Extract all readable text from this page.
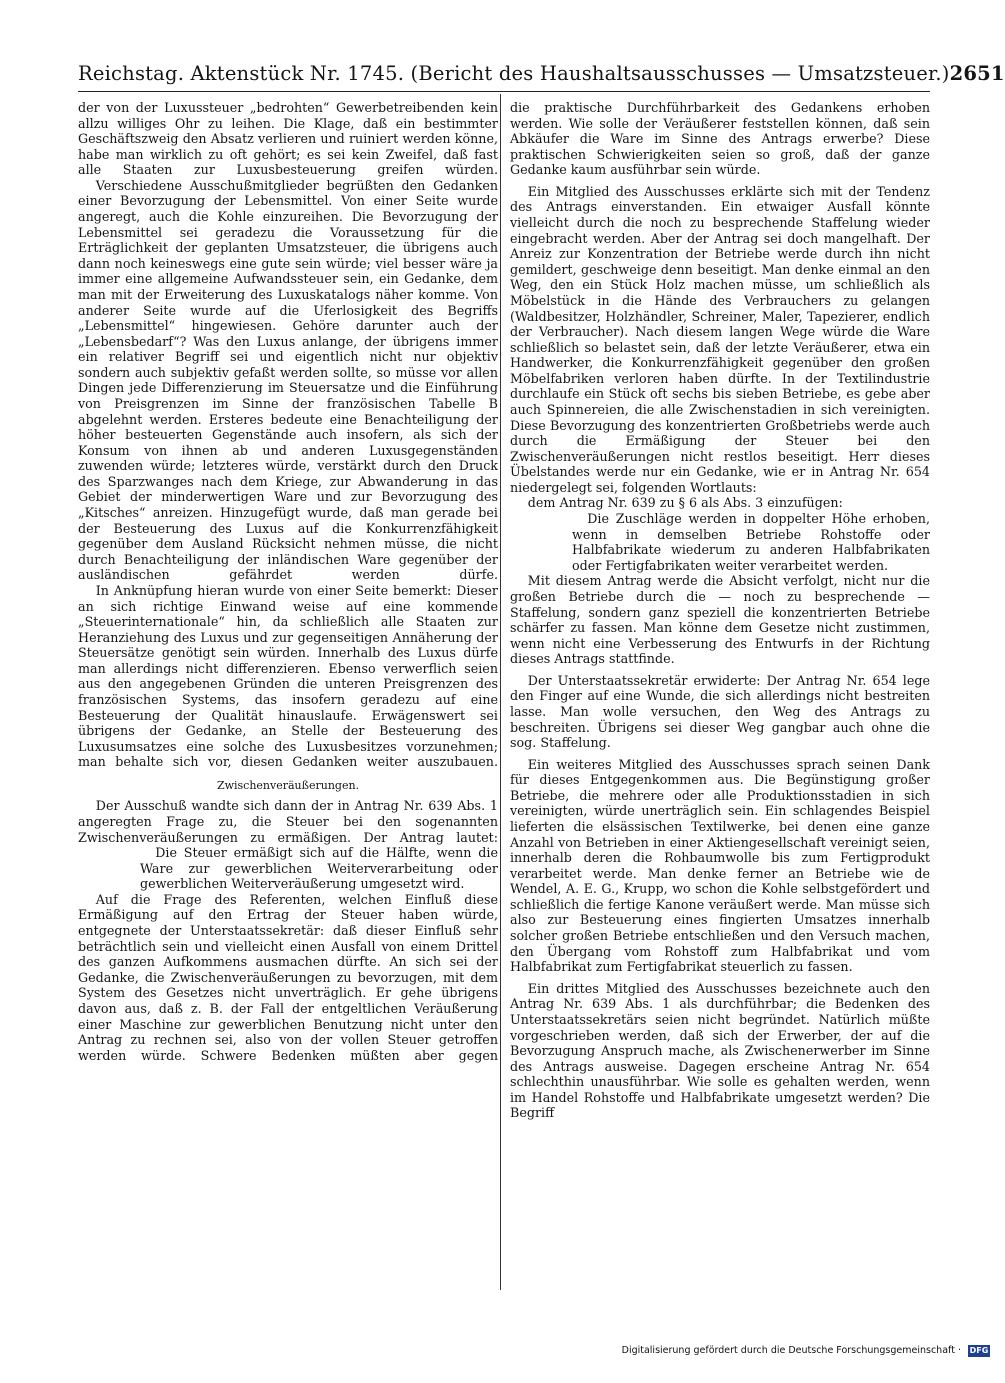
Reichstag. Aktenstück Nr. 1745. (Bericht des Haushaltsausschusses — Umsatzsteuer.) 2651

der von der Luxussteuer „bedrohten“ Gewerbetreibenden kein allzu williges Ohr zu leihen. Die Klage, daß ein bestimmter Geschäftszweig den Absatz verlieren und ruiniert werden könne, habe man wirklich zu oft gehört; es sei kein Zweifel, daß fast alle Staaten zur Luxusbesteuerung greifen würden.

Verschiedene Ausschußmitglieder begrüßten den Gedanken einer Bevorzugung der Lebensmittel. Von einer Seite wurde angeregt, auch die Kohle einzureihen. Die Bevorzugung der Lebensmittel sei geradezu die Voraussetzung für die Erträglichkeit der geplanten Umsatzsteuer, die übrigens auch dann noch keineswegs eine gute sein würde; viel besser wäre ja immer eine allgemeine Aufwandssteuer sein, ein Gedanke, dem man mit der Erweiterung des Luxuskatalogs näher komme. Von anderer Seite wurde auf die Uferlosigkeit des Begriffs „Lebensmittel“ hingewiesen. Gehöre darunter auch der „Lebensbedarf“? Was den Luxus anlange, der übrigens immer ein relativer Begriff sei und eigentlich nicht nur objektiv sondern auch subjektiv gefaßt werden sollte, so müsse vor allen Dingen jede Differenzierung im Steuersatze und die Einführung von Preisgrenzen im Sinne der französischen Tabelle B abgelehnt werden. Ersteres bedeute eine Benachteiligung der höher besteuerten Gegenstände auch insofern, als sich der Konsum von ihnen ab und anderen Luxusgegenständen zuwenden würde; letzteres würde, verstärkt durch den Druck des Sparzwanges nach dem Kriege, zur Abwanderung in das Gebiet der minderwertigen Ware und zur Bevorzugung des „Kitsches“ anreizen. Hinzugefügt wurde, daß man gerade bei der Besteuerung des Luxus auf die Konkurrenzfähigkeit gegenüber dem Ausland Rücksicht nehmen müsse, die nicht durch Benachteiligung der inländischen Ware gegenüber der ausländischen gefährdet werden dürfe.

In Anknüpfung hieran wurde von einer Seite bemerkt: Dieser an sich richtige Einwand weise auf eine kommende „Steuerinternationale“ hin, da schließlich alle Staaten zur Heranziehung des Luxus und zur gegenseitigen Annäherung der Steuersätze genötigt sein würden. Innerhalb des Luxus dürfe man allerdings nicht differenzieren. Ebenso verwerflich seien aus den angegebenen Gründen die unteren Preisgrenzen des französischen Systems, das insofern geradezu auf eine Besteuerung der Qualität hinauslaufe. Erwägenswert sei übrigens der Gedanke, an Stelle der Besteuerung des Luxusumsatzes eine solche des Luxusbesitzes vorzunehmen; man behalte sich vor, diesen Gedanken weiter auszubauen.

Zwischenveräußerungen.

Der Ausschuß wandte sich dann der in Antrag Nr. 639 Abs. 1 angeregten Frage zu, die Steuer bei den sogenannten Zwischenveräußerungen zu ermäßigen. Der Antrag lautet:

Die Steuer ermäßigt sich auf die Hälfte, wenn die Ware zur gewerblichen Weiterverarbeitung oder gewerblichen Weiterveräußerung umgesetzt wird.

Auf die Frage des Referenten, welchen Einfluß diese Ermäßigung auf den Ertrag der Steuer haben würde, entgegnete der Unterstaatssekretär: daß dieser Einfluß sehr beträchtlich sein und vielleicht einen Ausfall von einem Drittel des ganzen Aufkommens ausmachen dürfte. An sich sei der Gedanke, die Zwischenveräußerungen zu bevorzugen, mit dem System des Gesetzes nicht unverträglich. Er gehe übrigens davon aus, daß z. B. der Fall der entgeltlichen Veräußerung einer Maschine zur gewerblichen Benutzung nicht unter den Antrag zu rechnen sei, also von der vollen Steuer getroffen werden würde. Schwere Bedenken müßten aber gegen

die praktische Durchführbarkeit des Gedankens erhoben werden. Wie solle der Veräußerer feststellen können, daß sein Abkäufer die Ware im Sinne des Antrags erwerbe? Diese praktischen Schwierigkeiten seien so groß, daß der ganze Gedanke kaum ausführbar sein würde.

Ein Mitglied des Ausschusses erklärte sich mit der Tendenz des Antrags einverstanden. Ein etwaiger Ausfall könnte vielleicht durch die noch zu besprechende Staffelung wieder eingebracht werden. Aber der Antrag sei doch mangelhaft. Der Anreiz zur Konzentration der Betriebe werde durch ihn nicht gemildert, geschweige denn beseitigt. Man denke einmal an den Weg, den ein Stück Holz machen müsse, um schließlich als Möbelstück in die Hände des Verbrauchers zu gelangen (Waldbesitzer, Holzhändler, Schreiner, Maler, Tapezierer, endlich der Verbraucher). Nach diesem langen Wege würde die Ware schließlich so belastet sein, daß der letzte Veräußerer, etwa ein Handwerker, die Konkurrenzfähigkeit gegenüber den großen Möbelfabriken verloren haben dürfte. In der Textilindustrie durchlaufe ein Stück oft sechs bis sieben Betriebe, es gebe aber auch Spinnereien, die alle Zwischenstadien in sich vereinigten. Diese Bevorzugung des konzentrierten Großbetriebs werde auch durch die Ermäßigung der Steuer bei den Zwischenveräußerungen nicht restlos beseitigt. Herr dieses Übelstandes werde nur ein Gedanke, wie er in Antrag Nr. 654 niedergelegt sei, folgenden Wortlauts:

dem Antrag Nr. 639 zu § 6 als Abs. 3 einzufügen:

Die Zuschläge werden in doppelter Höhe erhoben, wenn in demselben Betriebe Rohstoffe oder Halbfabrikate wiederum zu anderen Halbfabrikaten oder Fertigfabrikaten weiter verarbeitet werden.

Mit diesem Antrag werde die Absicht verfolgt, nicht nur die großen Betriebe durch die — noch zu besprechende — Staffelung, sondern ganz speziell die konzentrierten Betriebe schärfer zu fassen. Man könne dem Gesetze nicht zustimmen, wenn nicht eine Verbesserung des Entwurfs in der Richtung dieses Antrags stattfinde.

Der Unterstaatssekretär erwiderte: Der Antrag Nr. 654 lege den Finger auf eine Wunde, die sich allerdings nicht bestreiten lasse. Man wolle versuchen, den Weg des Antrags zu beschreiten. Übrigens sei dieser Weg gangbar auch ohne die sog. Staffelung.

Ein weiteres Mitglied des Ausschusses sprach seinen Dank für dieses Entgegenkommen aus. Die Begünstigung großer Betriebe, die mehrere oder alle Produktionsstadien in sich vereinigten, würde unerträglich sein. Ein schlagendes Beispiel lieferten die elsässischen Textilwerke, bei denen eine ganze Anzahl von Betrieben in einer Aktiengesellschaft vereinigt seien, innerhalb deren die Rohbaumwolle bis zum Fertigprodukt verarbeitet werde. Man denke ferner an Betriebe wie de Wendel, A. E. G., Krupp, wo schon die Kohle selbstgefördert und schließlich die fertige Kanone veräußert werde. Man müsse sich also zur Besteuerung eines fingierten Umsatzes innerhalb solcher großen Betriebe entschließen und den Versuch machen, den Übergang vom Rohstoff zum Halbfabrikat und vom Halbfabrikat zum Fertigfabrikat steuerlich zu fassen.

Ein drittes Mitglied des Ausschusses bezeichnete auch den Antrag Nr. 639 Abs. 1 als durchführbar; die Bedenken des Unterstaatssekretärs seien nicht begründet. Natürlich müßte vorgeschrieben werden, daß sich der Erwerber, der auf die Bevorzugung Anspruch mache, als Zwischenerwerber im Sinne des Antrags ausweise. Dagegen erscheine Antrag Nr. 654 schlechthin unausführbar. Wie solle es gehalten werden, wenn im Handel Rohstoffe und Halbfabrikate umgesetzt werden? Die Begriff

Digitalisierung gefördert durch die Deutsche Forschungsgemeinschaft · DFG
